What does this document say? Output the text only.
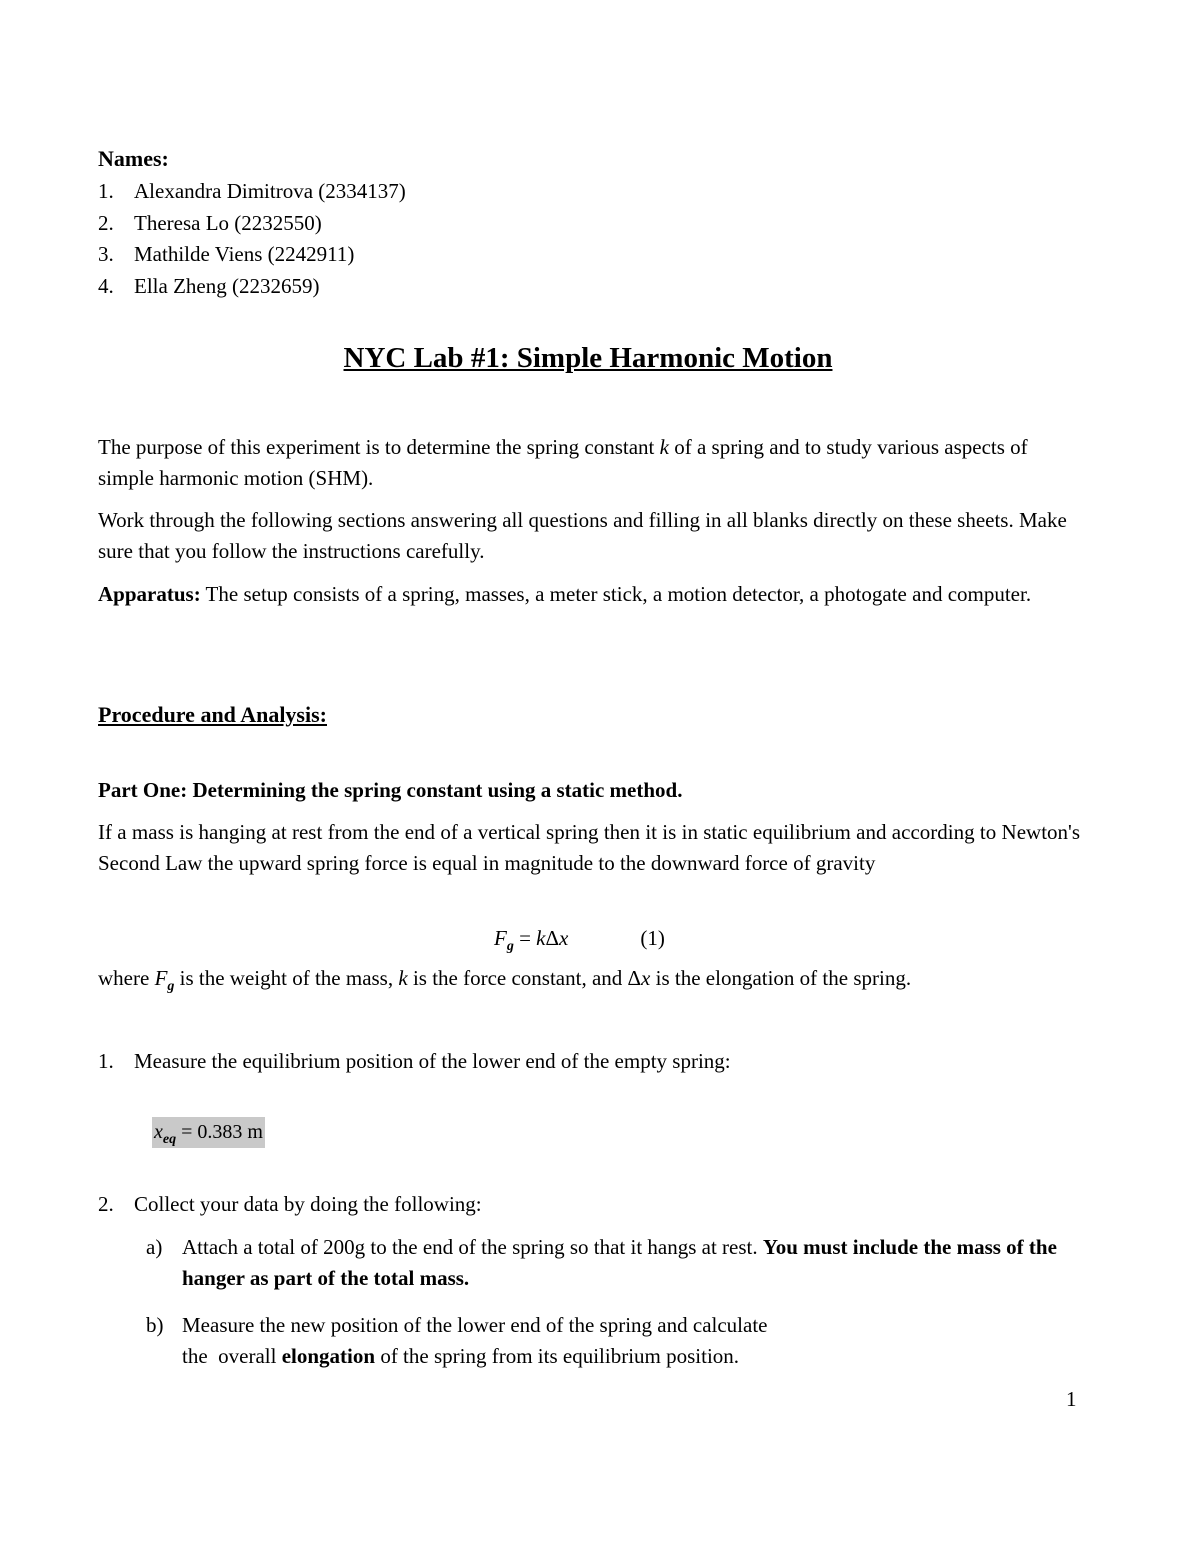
Names:
1. Alexandra Dimitrova (2334137)
2. Theresa Lo (2232550)
3. Mathilde Viens (2242911)
4. Ella Zheng (2232659)
NYC Lab #1: Simple Harmonic Motion
The purpose of this experiment is to determine the spring constant k of a spring and to study various aspects of simple harmonic motion (SHM).
Work through the following sections answering all questions and filling in all blanks directly on these sheets. Make sure that you follow the instructions carefully.
Apparatus: The setup consists of a spring, masses, a meter stick, a motion detector, a photogate and computer.
Procedure and Analysis:
Part One: Determining the spring constant using a static method.
If a mass is hanging at rest from the end of a vertical spring then it is in static equilibrium and according to Newton's Second Law the upward spring force is equal in magnitude to the downward force of gravity
$F_g = k\Delta x$	(1)
where $F_g$ is the weight of the mass, k is the force constant, and Δx is the elongation of the spring.
1. Measure the equilibrium position of the lower end of the empty spring:
$x_{eq} = 0.383$ m
2. Collect your data by doing the following:
a) Attach a total of 200g to the end of the spring so that it hangs at rest. You must include the mass of the hanger as part of the total mass.
b) Measure the new position of the lower end of the spring and calculate
the  overall elongation of the spring from its equilibrium position.
1
